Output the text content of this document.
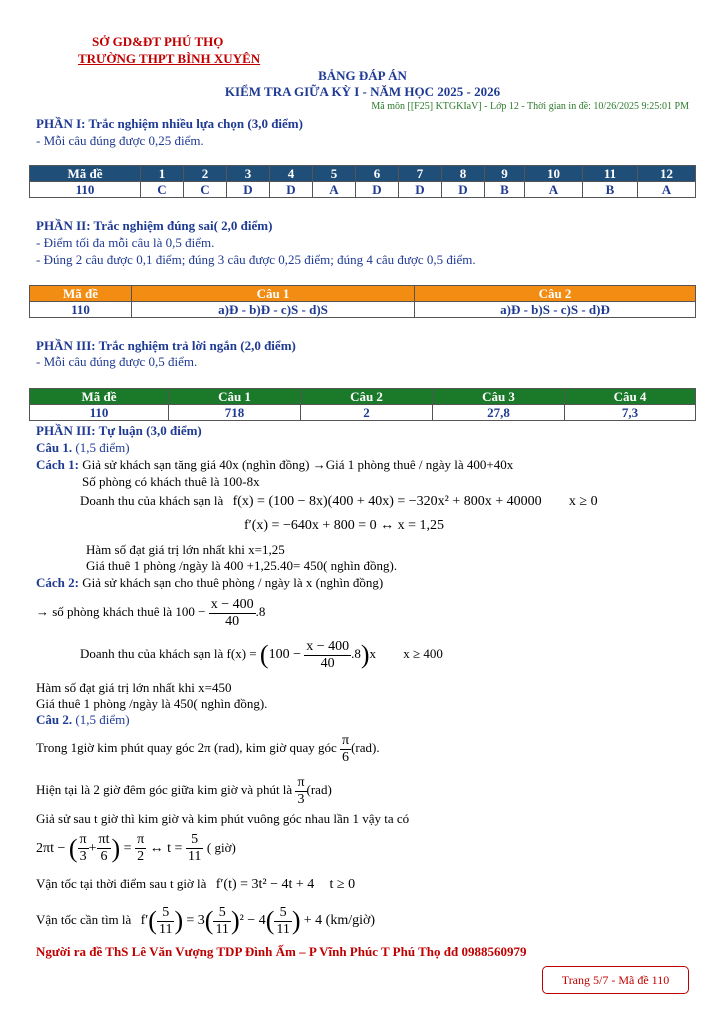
SỞ GD&ĐT PHÚ THỌ
TRƯỜNG THPT BÌNH XUYÊN
BẢNG ĐÁP ÁN
KIỂM TRA GIỮA KỲ I - NĂM HỌC 2025 - 2026
Mã môn [[F25] KTGKIaV] - Lớp 12 - Thời gian in đề: 10/26/2025 9:25:01 PM
PHẦN I: Trắc nghiệm nhiều lựa chọn (3,0 điểm)
- Mỗi câu đúng được 0,25 điểm.
Mã đề	1	2	3	4	5	6	7	8	9	10	11	12
110	C	C	D	D	A	D	D	D	B	A	B	A
PHẦN II: Trắc nghiệm đúng sai( 2,0 điểm)
- Điểm tối đa mỗi câu là 0,5 điểm.
- Đúng 2 câu được 0,1 điểm; đúng 3 câu được 0,25 điểm; đúng 4 câu được 0,5 điểm.
Mã đề	Câu 1	Câu 2
110	a)Đ - b)Đ - c)S - d)S	a)Đ - b)S - c)S - d)Đ
PHẦN III: Trắc nghiệm trả lời ngắn (2,0 điểm)
- Mỗi câu đúng được 0,5 điểm.
Mã đề	Câu 1	Câu 2	Câu 3	Câu 4
110	718	2	27,8	7,3
PHẦN III: Tự luận (3,0 điểm)
Câu 1. (1,5 điểm)
Cách 1: Giả sử khách sạn tăng giá 40x (nghìn đồng) →Giá 1 phòng thuê / ngày là 400+40x
Số phòng có khách thuê là 100-8x
Doanh thu của khách sạn là f(x) = (100 − 8x)(400 + 40x) = −320x² + 800x + 40000 x ≥ 0
f′(x) = −640x + 800 = 0 ↔ x = 1,25
Hàm số đạt giá trị lớn nhất khi x=1,25
Giá thuê 1 phòng /ngày là 400 +1,25.40= 450( nghìn đồng).
Cách 2: Giả sử khách sạn cho thuê phòng / ngày là x (nghìn đồng)
→ số phòng khách thuê là $100 - \frac{x - 400}{40} .8$
Doanh thu của khách sạn là $f(x) = (100 - \frac{x - 400}{40} .8)x$ x ≥ 400
Hàm số đạt giá trị lớn nhất khi x=450
Giá thuê 1 phòng /ngày là 450( nghìn đồng).
Câu 2. (1,5 điểm)
Trong 1giờ kim phút quay góc 2π (rad), kim giờ quay góc $\frac{\pi}{6} (rad)$.
Hiện tại là 2 giờ đêm góc giữa kim giờ và phút là $\frac{\pi}{3} (rad)$
Giả sử sau t giờ thì kim giờ và kim phút vuông góc nhau lần 1 vậy ta có
2πt − ( $\frac{\pi}{3} + \frac{\pi t}{6}$ ) = $\frac{\pi}{2}$ ↔ $t = \frac{5}{11}$ ( giờ)
Vận tốc tại thời điểm sau t giờ là f′(t) = 3t² − 4t + 4 t ≥ 0
Vận tốc cần tìm là $f'( \frac{5}{11}$ ) = $3( \frac{5}{11} )^2 - 4( \frac{5}{11}$ ) + 4 (km/giờ)
Người ra đề ThS Lê Văn Vượng TDP Đình Ấm – P Vĩnh Phúc T Phú Thọ đđ 0988560979
Trang 5/7 - Mã đề 110
